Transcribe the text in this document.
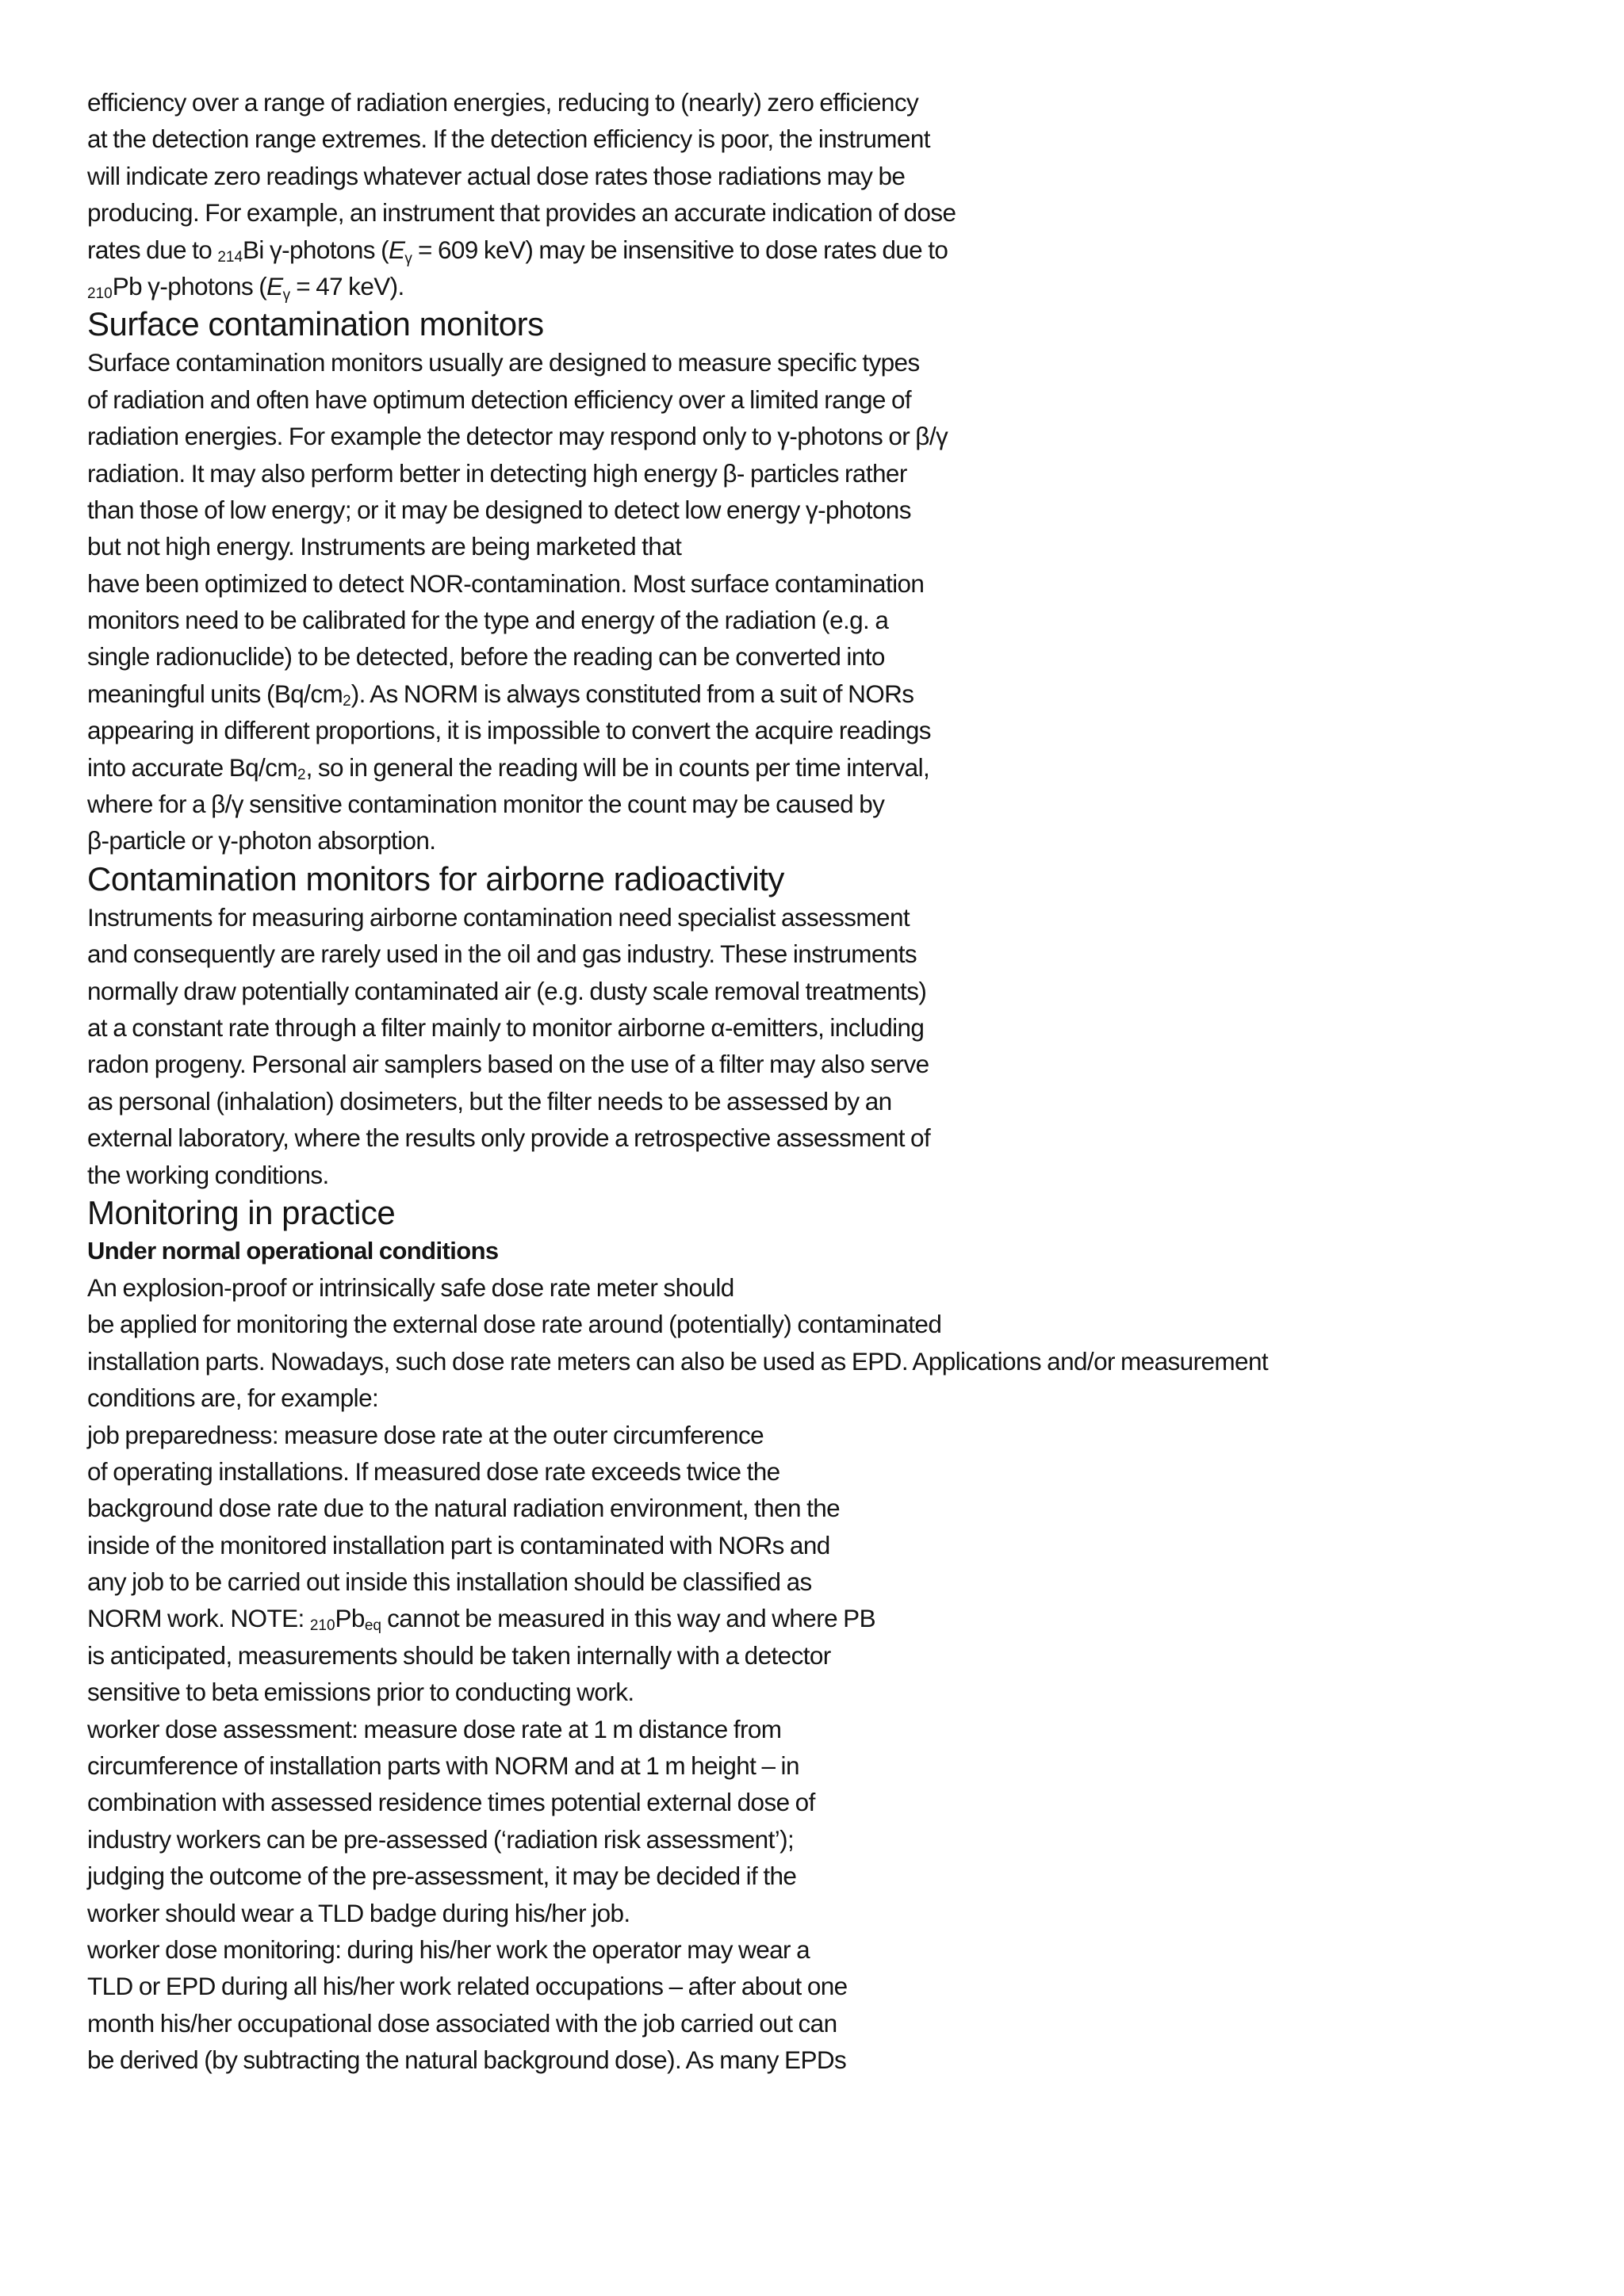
efficiency over a range of radiation energies, reducing to (nearly) zero efficiency
at the detection range extremes. If the detection efficiency is poor, the instrument
will indicate zero readings whatever actual dose rates those radiations may be
producing. For example, an instrument that provides an accurate indication of dose
rates due to $_{214}$Bi γ-photons ($E_\gamma = 609$ keV) may be insensitive to dose rates due to
$_{210}$Pb γ-photons ($E_\gamma = 47$ keV).
Surface contamination monitors
Surface contamination monitors usually are designed to measure specific types
of radiation and often have optimum detection efficiency over a limited range of
radiation energies. For example the detector may respond only to γ-photons or β/γ
radiation. It may also perform better in detecting high energy β- particles rather
than those of low energy; or it may be designed to detect low energy γ-photons
but not high energy. Instruments are being marketed that
have been optimized to detect NOR-contamination. Most surface contamination
monitors need to be calibrated for the type and energy of the radiation (e.g. a
single radionuclide) to be detected, before the reading can be converted into
meaningful units $(Bq/cm_2)$. As NORM is always constituted from a suit of NORs
appearing in different proportions, it is impossible to convert the acquire readings
into accurate $Bq/cm_2$, so in general the reading will be in counts per time interval,
where for a β/γ sensitive contamination monitor the count may be caused by
β-particle or γ-photon absorption.
Contamination monitors for airborne radioactivity
Instruments for measuring airborne contamination need specialist assessment
and consequently are rarely used in the oil and gas industry. These instruments
normally draw potentially contaminated air (e.g. dusty scale removal treatments)
at a constant rate through a filter mainly to monitor airborne α-emitters, including
radon progeny. Personal air samplers based on the use of a filter may also serve
as personal (inhalation) dosimeters, but the filter needs to be assessed by an
external laboratory, where the results only provide a retrospective assessment of
the working conditions.
Monitoring in practice
Under normal operational conditions
An explosion-proof or intrinsically safe dose rate meter should
be applied for monitoring the external dose rate around (potentially) contaminated
installation parts. Nowadays, such dose rate meters can also be used as EPD. Applications and/or measurement
conditions are, for example:
job preparedness: measure dose rate at the outer circumference
of operating installations. If measured dose rate exceeds twice the
background dose rate due to the natural radiation environment, then the
inside of the monitored installation part is contaminated with NORs and
any job to be carried out inside this installation should be classified as
NORM work. NOTE: $_{210}Pb_{eq}$ cannot be measured in this way and where PB
is anticipated, measurements should be taken internally with a detector
sensitive to beta emissions prior to conducting work.
worker dose assessment: measure dose rate at 1 m distance from
circumference of installation parts with NORM and at 1 m height – in
combination with assessed residence times potential external dose of
industry workers can be pre-assessed (‘radiation risk assessment’);
judging the outcome of the pre-assessment, it may be decided if the
worker should wear a TLD badge during his/her job.
worker dose monitoring: during his/her work the operator may wear a
TLD or EPD during all his/her work related occupations – after about one
month his/her occupational dose associated with the job carried out can
be derived (by subtracting the natural background dose). As many EPDs
